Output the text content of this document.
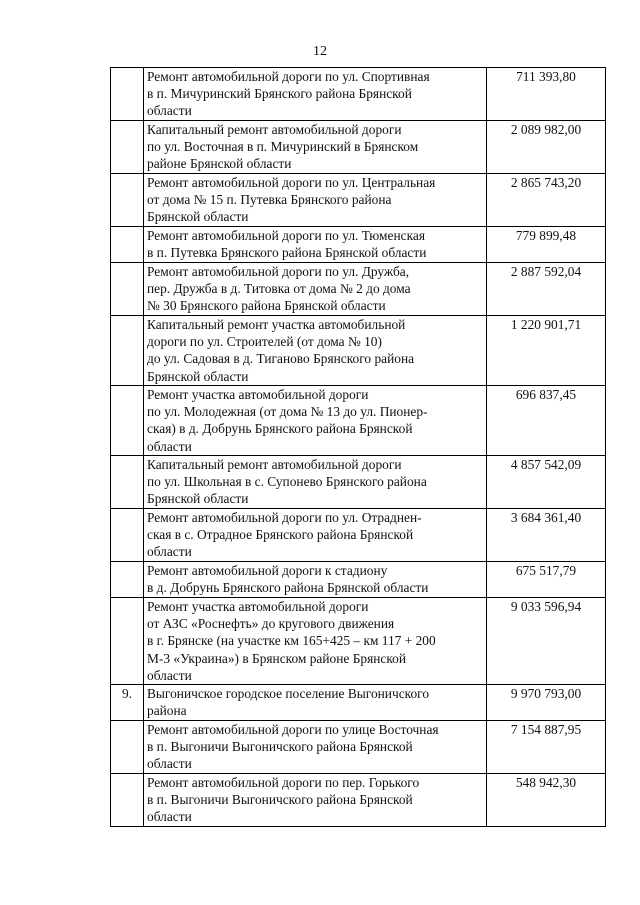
12

	Ремонт автомобильной дороги по ул. Спортивная
в п. Мичуринский Брянского района Брянской
области	711 393,80

	Капитальный ремонт автомобильной дороги
по ул. Восточная в п. Мичуринский в Брянском
районе Брянской области	2 089 982,00

	Ремонт автомобильной дороги по ул. Центральная
от дома № 15 п. Путевка Брянского района
Брянской области	2 865 743,20

	Ремонт автомобильной дороги по ул. Тюменская
в п. Путевка Брянского района Брянской области	779 899,48

	Ремонт автомобильной дороги по ул. Дружба,
пер. Дружба в д. Титовка от дома № 2 до дома
№ 30 Брянского района Брянской области	2 887 592,04

	Капитальный ремонт участка автомобильной
дороги по ул. Строителей (от дома № 10)
до ул. Садовая в д. Тиганово Брянского района
Брянской области	1 220 901,71

	Ремонт участка автомобильной дороги
по ул. Молодежная (от дома № 13 до ул. Пионер-
ская) в д. Добрунь Брянского района Брянской
области	696 837,45

	Капитальный ремонт автомобильной дороги
по ул. Школьная в с. Супонево Брянского района
Брянской области	4 857 542,09

	Ремонт автомобильной дороги по ул. Отраднен-
ская в с. Отрадное Брянского района Брянской
области	3 684 361,40

	Ремонт автомобильной дороги к стадиону
в д. Добрунь Брянского района Брянской области	675 517,79

	Ремонт участка автомобильной дороги
от АЗС «Роснефть» до кругового движения
в г. Брянске (на участке км 165+425 – км 117 + 200
М-3 «Украина») в Брянском районе Брянской
области	9 033 596,94
9.	Выгоничское городское поселение Выгоничского
района	9 970 793,00

	Ремонт автомобильной дороги по улице Восточная
в п. Выгоничи Выгоничского района Брянской
области	7 154 887,95

	Ремонт автомобильной дороги по пер. Горького
в п. Выгоничи Выгоничского района Брянской
области	548 942,30
